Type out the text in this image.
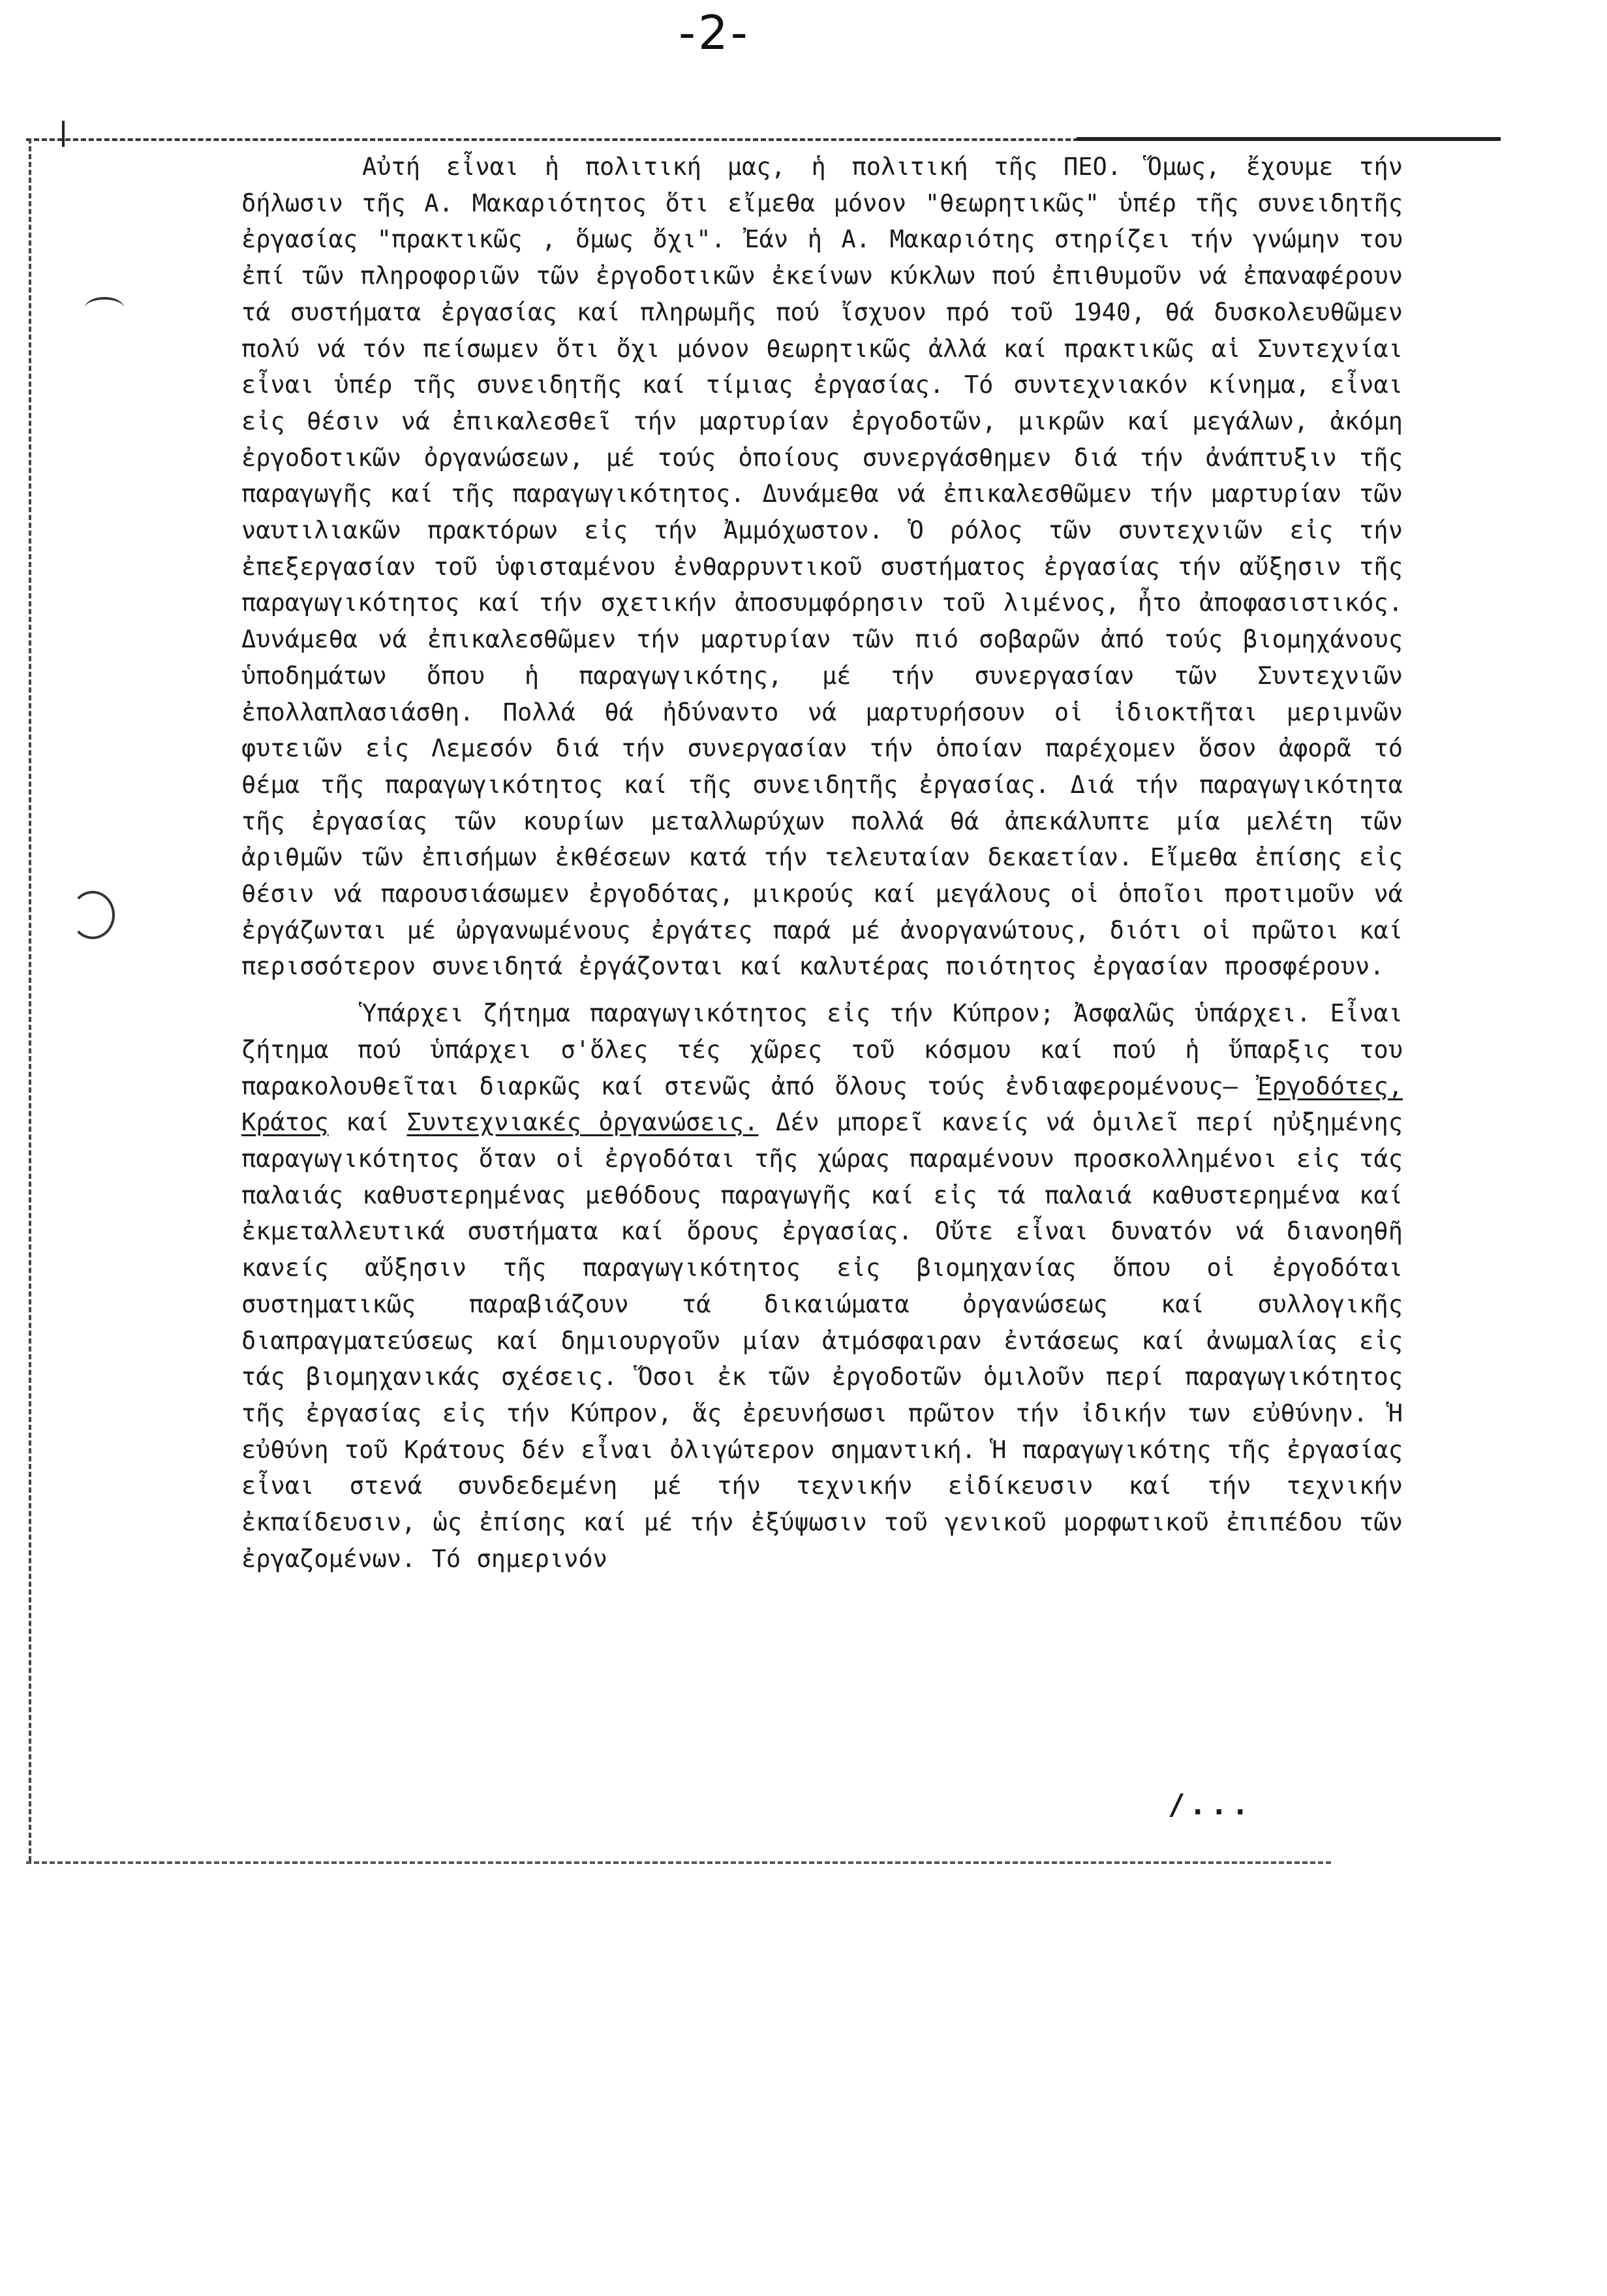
-2-

Αὐτή εἶναι ἡ πολιτική μας, ἡ πολιτική τῆς ΠΕΟ. Ὅμως, ἔχουμε τήν δήλωσιν τῆς Α. Μακαριότητος ὅτι εἴμεθα μόνον "θεωρητικῶς" ὑπέρ τῆς συνειδητῆς ἐργασίας "πρακτικῶς , ὅμως ὄχι". Ἐάν ἡ Α. Μακαριότης στηρίζει τήν γνώμην του ἐπί τῶν πληροφοριῶν τῶν ἐργοδοτικῶν ἐκείνων κύκλων πού ἐπιθυμοῦν νά ἐπαναφέρουν τά συστήματα ἐργασίας καί πληρωμῆς πού ἴσχυον πρό τοῦ 1940, θά δυσκολευθῶμεν πολύ νά τόν πείσωμεν ὅτι ὄχι μόνον θεωρητικῶς ἀλλά καί πρακτικῶς αἱ Συντεχνίαι εἶναι ὑπέρ τῆς συνειδητῆς καί τίμιας ἐργασίας. Τό συντεχνιακόν κίνημα, εἶναι εἰς θέσιν νά ἐπικαλεσθεῖ τήν μαρτυρίαν ἐργοδοτῶν, μικρῶν καί μεγάλων, ἀκόμη ἐργοδοτικῶν ὀργανώσεων, μέ τούς ὁποίους συνεργάσθημεν διά τήν ἀνάπτυξιν τῆς παραγωγῆς καί τῆς παραγωγικότητος. Δυνάμεθα νά ἐπικαλεσθῶμεν τήν μαρτυρίαν τῶν ναυτιλιακῶν πρακτόρων εἰς τήν Ἀμμόχωστον. Ὁ ρόλος τῶν συντεχνιῶν εἰς τήν ἐπεξεργασίαν τοῦ ὑφισταμένου ἐνθαρρυντικοῦ συστήματος ἐργασίας τήν αὔξησιν τῆς παραγωγικότητος καί τήν σχετικήν ἀποσυμφόρησιν τοῦ λιμένος, ἦτο ἀποφασιστικός. Δυνάμεθα νά ἐπικαλεσθῶμεν τήν μαρτυρίαν τῶν πιό σοβαρῶν ἀπό τούς βιομηχάνους ὑποδημάτων ὅπου ἡ παραγωγικότης, μέ τήν συνεργασίαν τῶν Συντεχνιῶν ἐπολλαπλασιάσθη. Πολλά θά ἠδύναντο νά μαρτυρήσουν οἱ ἰδιοκτῆται μεριμνῶν φυτειῶν εἰς Λεμεσόν διά τήν συνεργασίαν τήν ὁποίαν παρέχομεν ὅσον ἀφορᾶ τό θέμα τῆς παραγωγικότητος καί τῆς συνειδητῆς ἐργασίας. Διά τήν παραγωγικότητα τῆς ἐργασίας τῶν κουρίων μεταλλωρύχων πολλά θά ἀπεκάλυπτε μία μελέτη τῶν ἀριθμῶν τῶν ἐπισήμων ἐκθέσεων κατά τήν τελευταίαν δεκαετίαν. Εἴμεθα ἐπίσης εἰς θέσιν νά παρουσιάσωμεν ἐργοδότας, μικρούς καί μεγάλους οἱ ὁποῖοι προτιμοῦν νά ἐργάζωνται μέ ὠργανωμένους ἐργάτες παρά μέ ἀνοργανώτους, διότι οἱ πρῶτοι καί περισσότερον συνειδητά ἐργάζονται καί καλυτέρας ποιότητος ἐργασίαν προσφέρουν.

Ὑπάρχει ζήτημα παραγωγικότητος εἰς τήν Κύπρον; Ἀσφαλῶς ὑπάρχει. Εἶναι ζήτημα πού ὑπάρχει σ'ὅλες τές χῶρες τοῦ κόσμου καί πού ἡ ὕπαρξις του παρακολουθεῖται διαρκῶς καί στενῶς ἀπό ὅλους τούς ἐνδιαφερομένους– Ἐργοδότες, Κράτος καί Συντεχνιακές ὀργανώσεις. Δέν μπορεῖ κανείς νά ὁμιλεῖ περί ηὐξημένης παραγωγικότητος ὅταν οἱ ἐργοδόται τῆς χώρας παραμένουν προσκολλημένοι εἰς τάς παλαιάς καθυστερημένας μεθόδους παραγωγῆς καί εἰς τά παλαιά καθυστερημένα καί ἐκμεταλλευτικά συστήματα καί ὅρους ἐργασίας. Οὔτε εἶναι δυνατόν νά διανοηθῆ κανείς αὔξησιν τῆς παραγωγικότητος εἰς βιομηχανίας ὅπου οἱ ἐργοδόται συστηματικῶς παραβιάζουν τά δικαιώματα ὀργανώσεως καί συλλογικῆς διαπραγματεύσεως καί δημιουργοῦν μίαν ἀτμόσφαιραν ἐντάσεως καί ἀνωμαλίας εἰς τάς βιομηχανικάς σχέσεις. Ὅσοι ἐκ τῶν ἐργοδοτῶν ὁμιλοῦν περί παραγωγικότητος τῆς ἐργασίας εἰς τήν Κύπρον, ἅς ἐρευνήσωσι πρῶτον τήν ἰδικήν των εὐθύνην. Ἡ εὐθύνη τοῦ Κράτους δέν εἶναι ὀλιγώτερον σημαντική. Ἡ παραγωγικότης τῆς ἐργασίας εἶναι στενά συνδεδεμένη μέ τήν τεχνικήν εἰδίκευσιν καί τήν τεχνικήν ἐκπαίδευσιν, ὡς ἐπίσης καί μέ τήν ἐξύψωσιν τοῦ γενικοῦ μορφωτικοῦ ἐπιπέδου τῶν ἐργαζομένων. Τό σημερινόν

/...
